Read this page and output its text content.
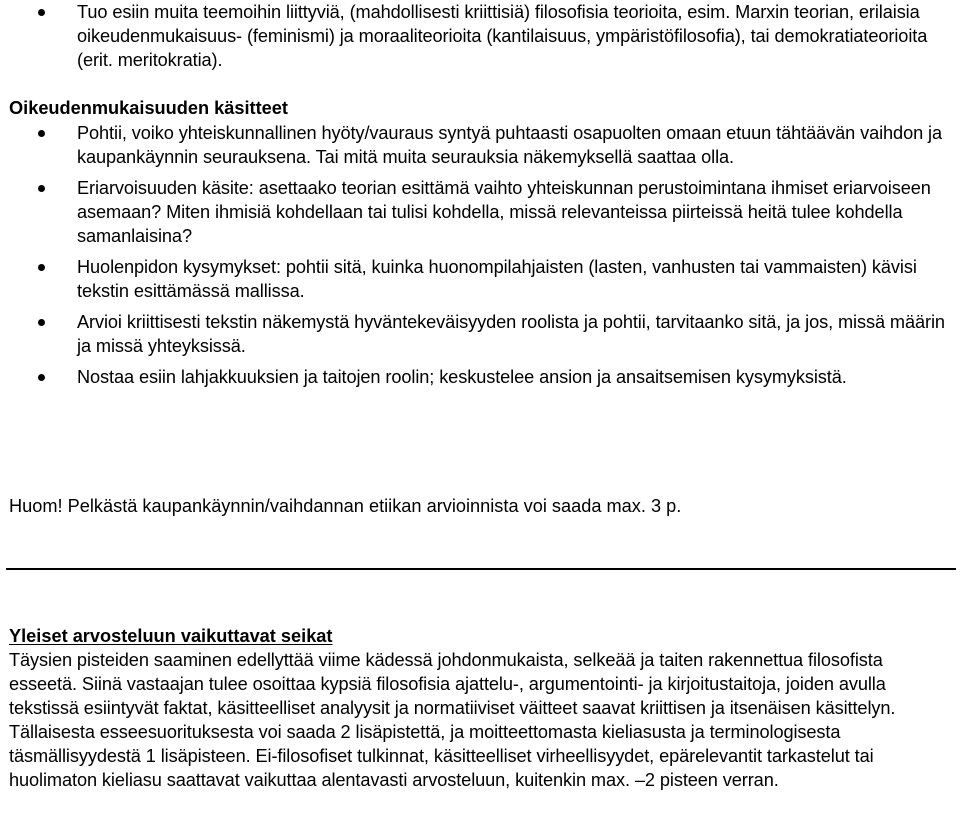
Tuo esiin muita teemoihin liittyviä, (mahdollisesti kriittisiä) filosofisia teorioita, esim. Marxin teorian, erilaisia oikeudenmukaisuus- (feminismi) ja moraaliteorioita (kantilaisuus, ympäristöfilosofia), tai demokratiateorioita (erit. meritokratia).
Oikeudenmukaisuuden käsitteet
Pohtii, voiko yhteiskunnallinen hyöty/vauraus syntyä puhtaasti osapuolten omaan etuun tähtäävän vaihdon ja kaupankäynnin seurauksena. Tai mitä muita seurauksia näkemyksellä saattaa olla.
Eriarvoisuuden käsite: asettaako teorian esittämä vaihto yhteiskunnan perustoimintana ihmiset eriarvoiseen asemaan? Miten ihmisiä kohdellaan tai tulisi kohdella, missä relevanteissa piirteissä heitä tulee kohdella samanlaisina?
Huolenpidon kysymykset: pohtii sitä, kuinka huonompilahjaisten (lasten, vanhusten tai vammaisten) kävisi tekstin esittämässä mallissa.
Arvioi kriittisesti tekstin näkemystä hyväntekeväisyyden roolista ja pohtii, tarvitaanko sitä, ja jos, missä määrin ja missä yhteyksissä.
Nostaa esiin lahjakkuuksien ja taitojen roolin; keskustelee ansion ja ansaitsemisen kysymyksistä.
Huom! Pelkästä kaupankäynnin/vaihdannan etiikan arvioinnista voi saada max. 3 p.
Yleiset arvosteluun vaikuttavat seikat
Täysien pisteiden saaminen edellyttää viime kädessä johdonmukaista, selkeää ja taiten rakennettua filosofista esseetä. Siinä vastaajan tulee osoittaa kypsiä filosofisia ajattelu-, argumentointi- ja kirjoitustaitoja, joiden avulla tekstissä esiintyvät faktat, käsitteelliset analyysit ja normatiiviset väitteet saavat kriittisen ja itsenäisen käsittelyn. Tällaisesta esseesuorituksesta voi saada 2 lisäpistettä, ja moitteettomasta kieliasusta ja terminologisesta täsmällisyydestä 1 lisäpisteen. Ei-filosofiset tulkinnat, käsitteelliset virheellisyydet, epärelevantit tarkastelut tai huolimaton kieliasu saattavat vaikuttaa alentavasti arvosteluun, kuitenkin max. –2 pisteen verran.
